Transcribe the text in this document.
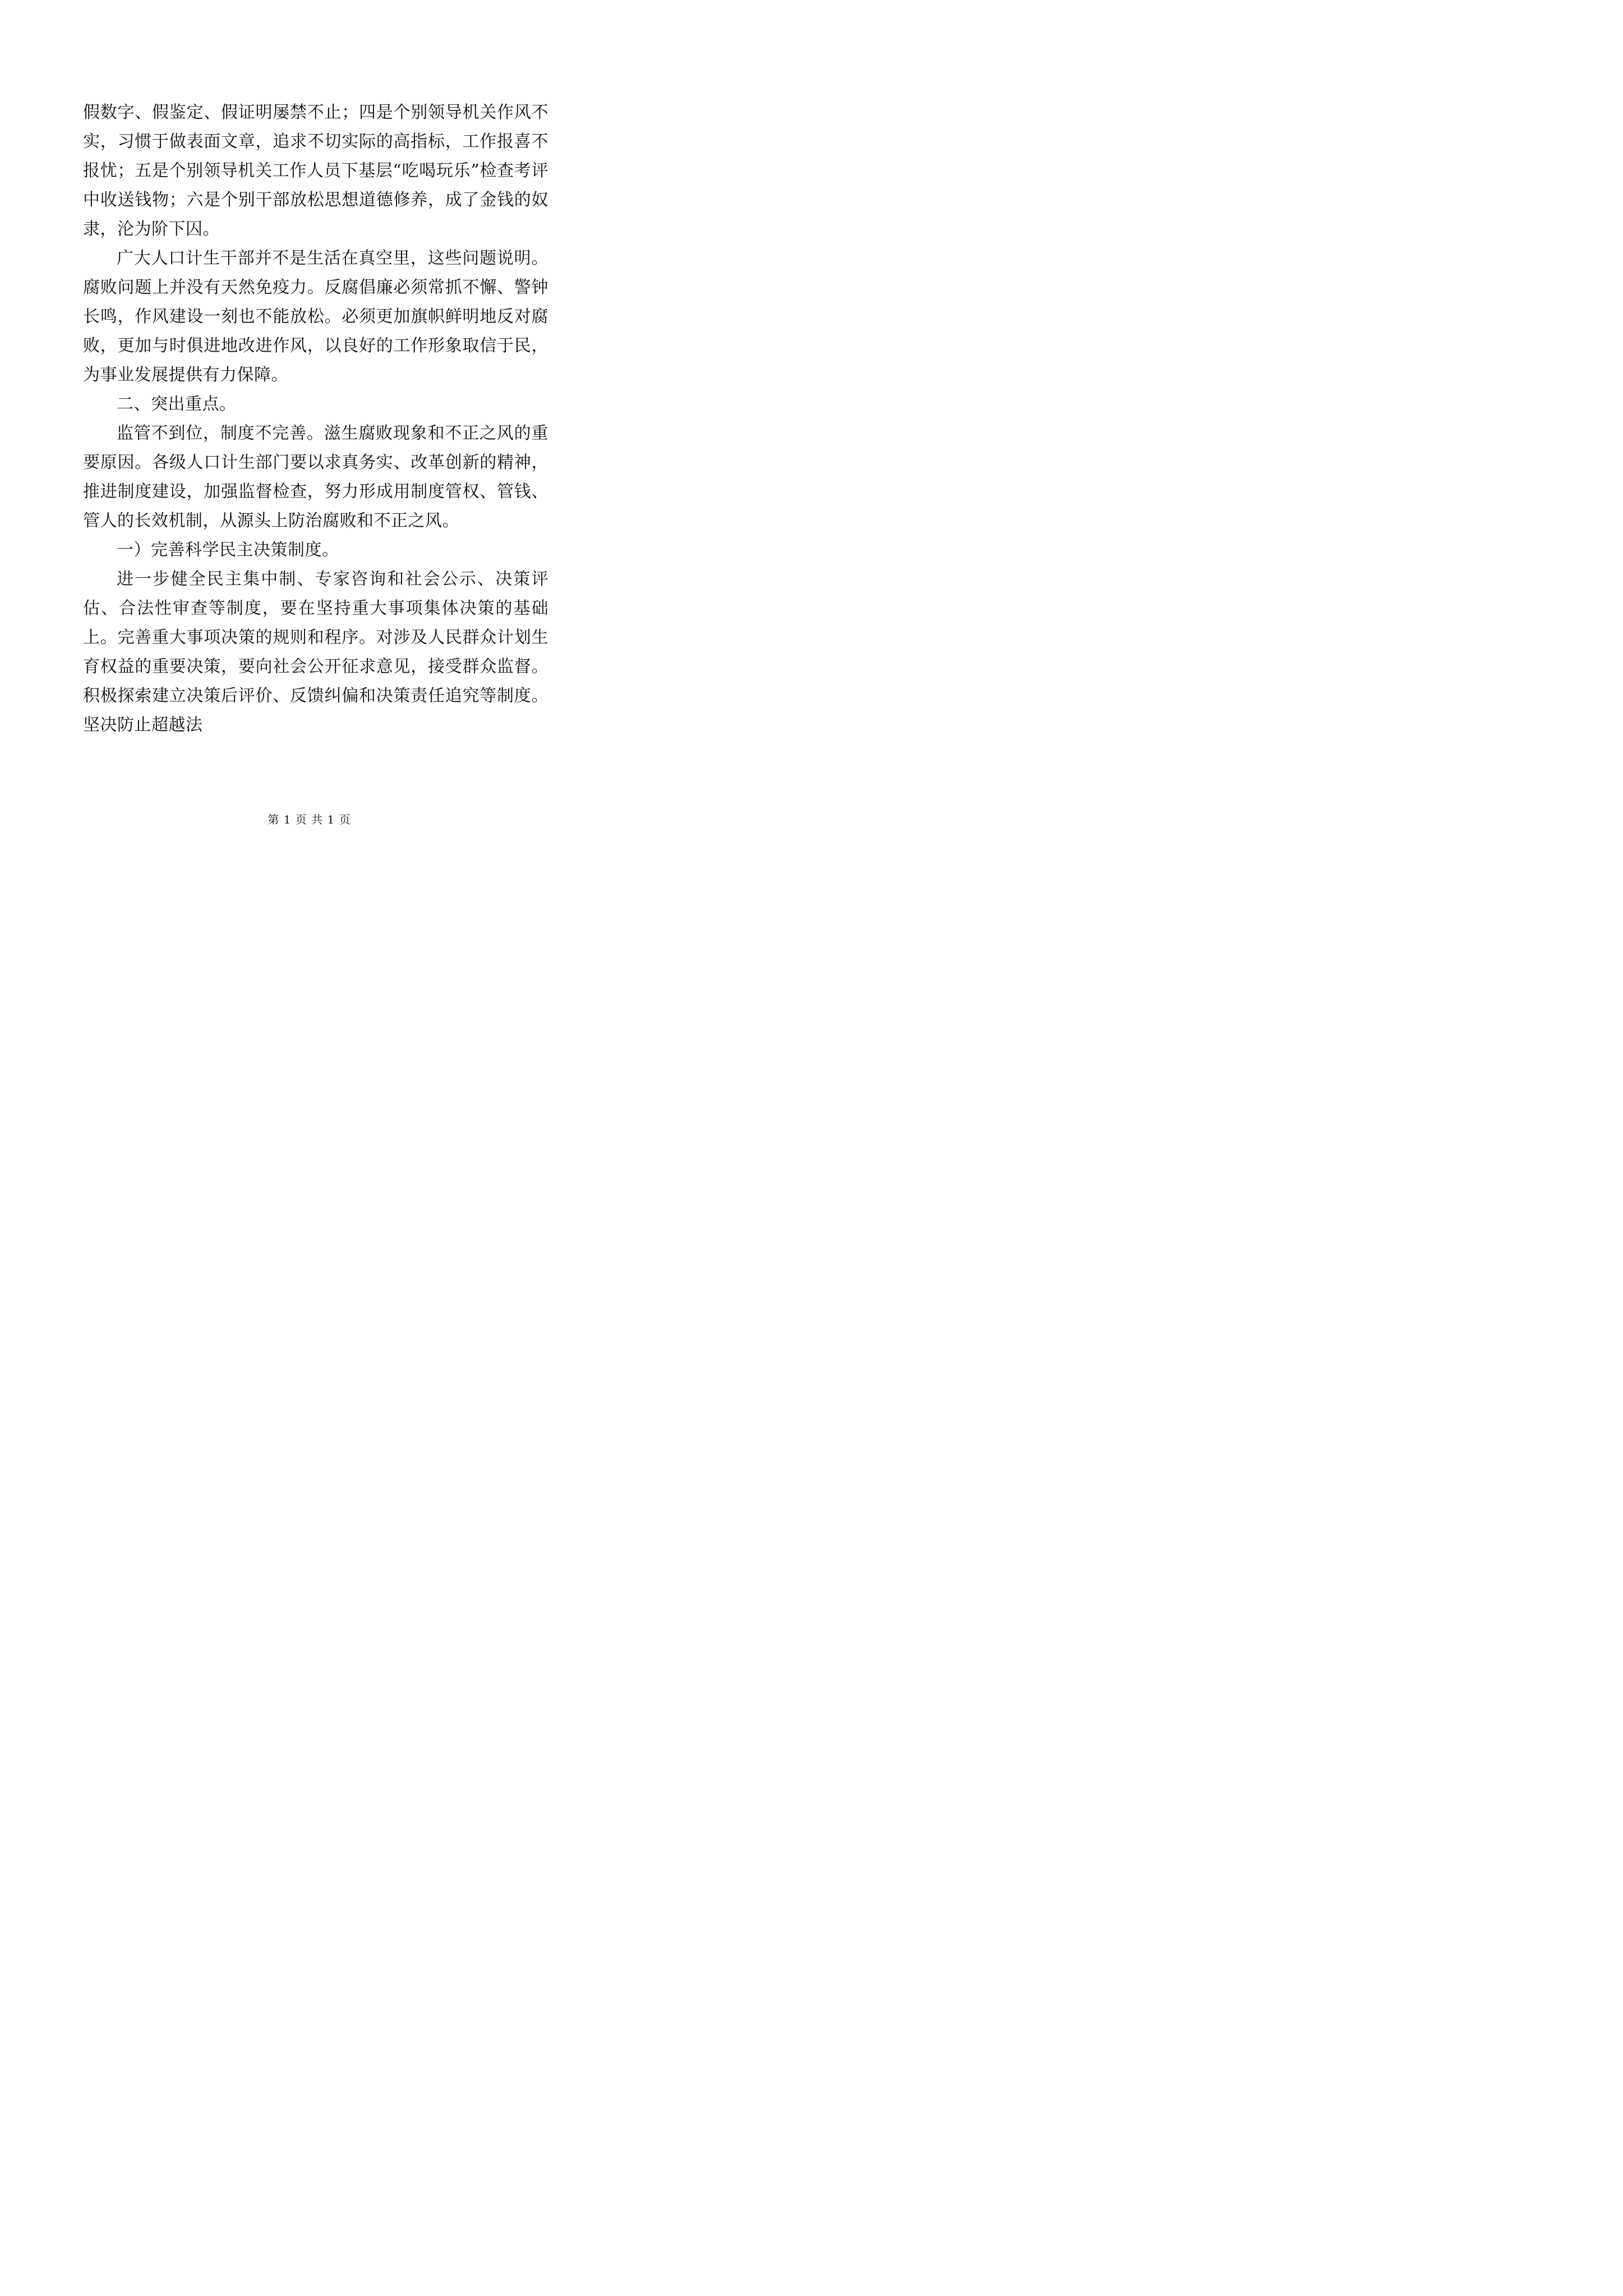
假数字、假鉴定、假证明屡禁不止；四是个别领导机关作风不实，习惯于做表面文章，追求不切实际的高指标，工作报喜不报忧；五是个别领导机关工作人员下基层“吃喝玩乐”检查考评中收送钱物；六是个别干部放松思想道德修养，成了金钱的奴隶，沦为阶下囚。

广大人口计生干部并不是生活在真空里，这些问题说明。腐败问题上并没有天然免疫力。反腐倡廉必须常抓不懈、警钟长鸣，作风建设一刻也不能放松。必须更加旗帜鲜明地反对腐败，更加与时俱进地改进作风，以良好的工作形象取信于民，为事业发展提供有力保障。

二、突出重点。

监管不到位，制度不完善。滋生腐败现象和不正之风的重要原因。各级人口计生部门要以求真务实、改革创新的精神，推进制度建设，加强监督检查，努力形成用制度管权、管钱、管人的长效机制，从源头上防治腐败和不正之风。

一）完善科学民主决策制度。

进一步健全民主集中制、专家咨询和社会公示、决策评估、合法性审查等制度，要在坚持重大事项集体决策的基础上。完善重大事项决策的规则和程序。对涉及人民群众计划生育权益的重要决策，要向社会公开征求意见，接受群众监督。积极探索建立决策后评价、反馈纠偏和决策责任追究等制度。坚决防止超越法

第 1 页 共 1 页
